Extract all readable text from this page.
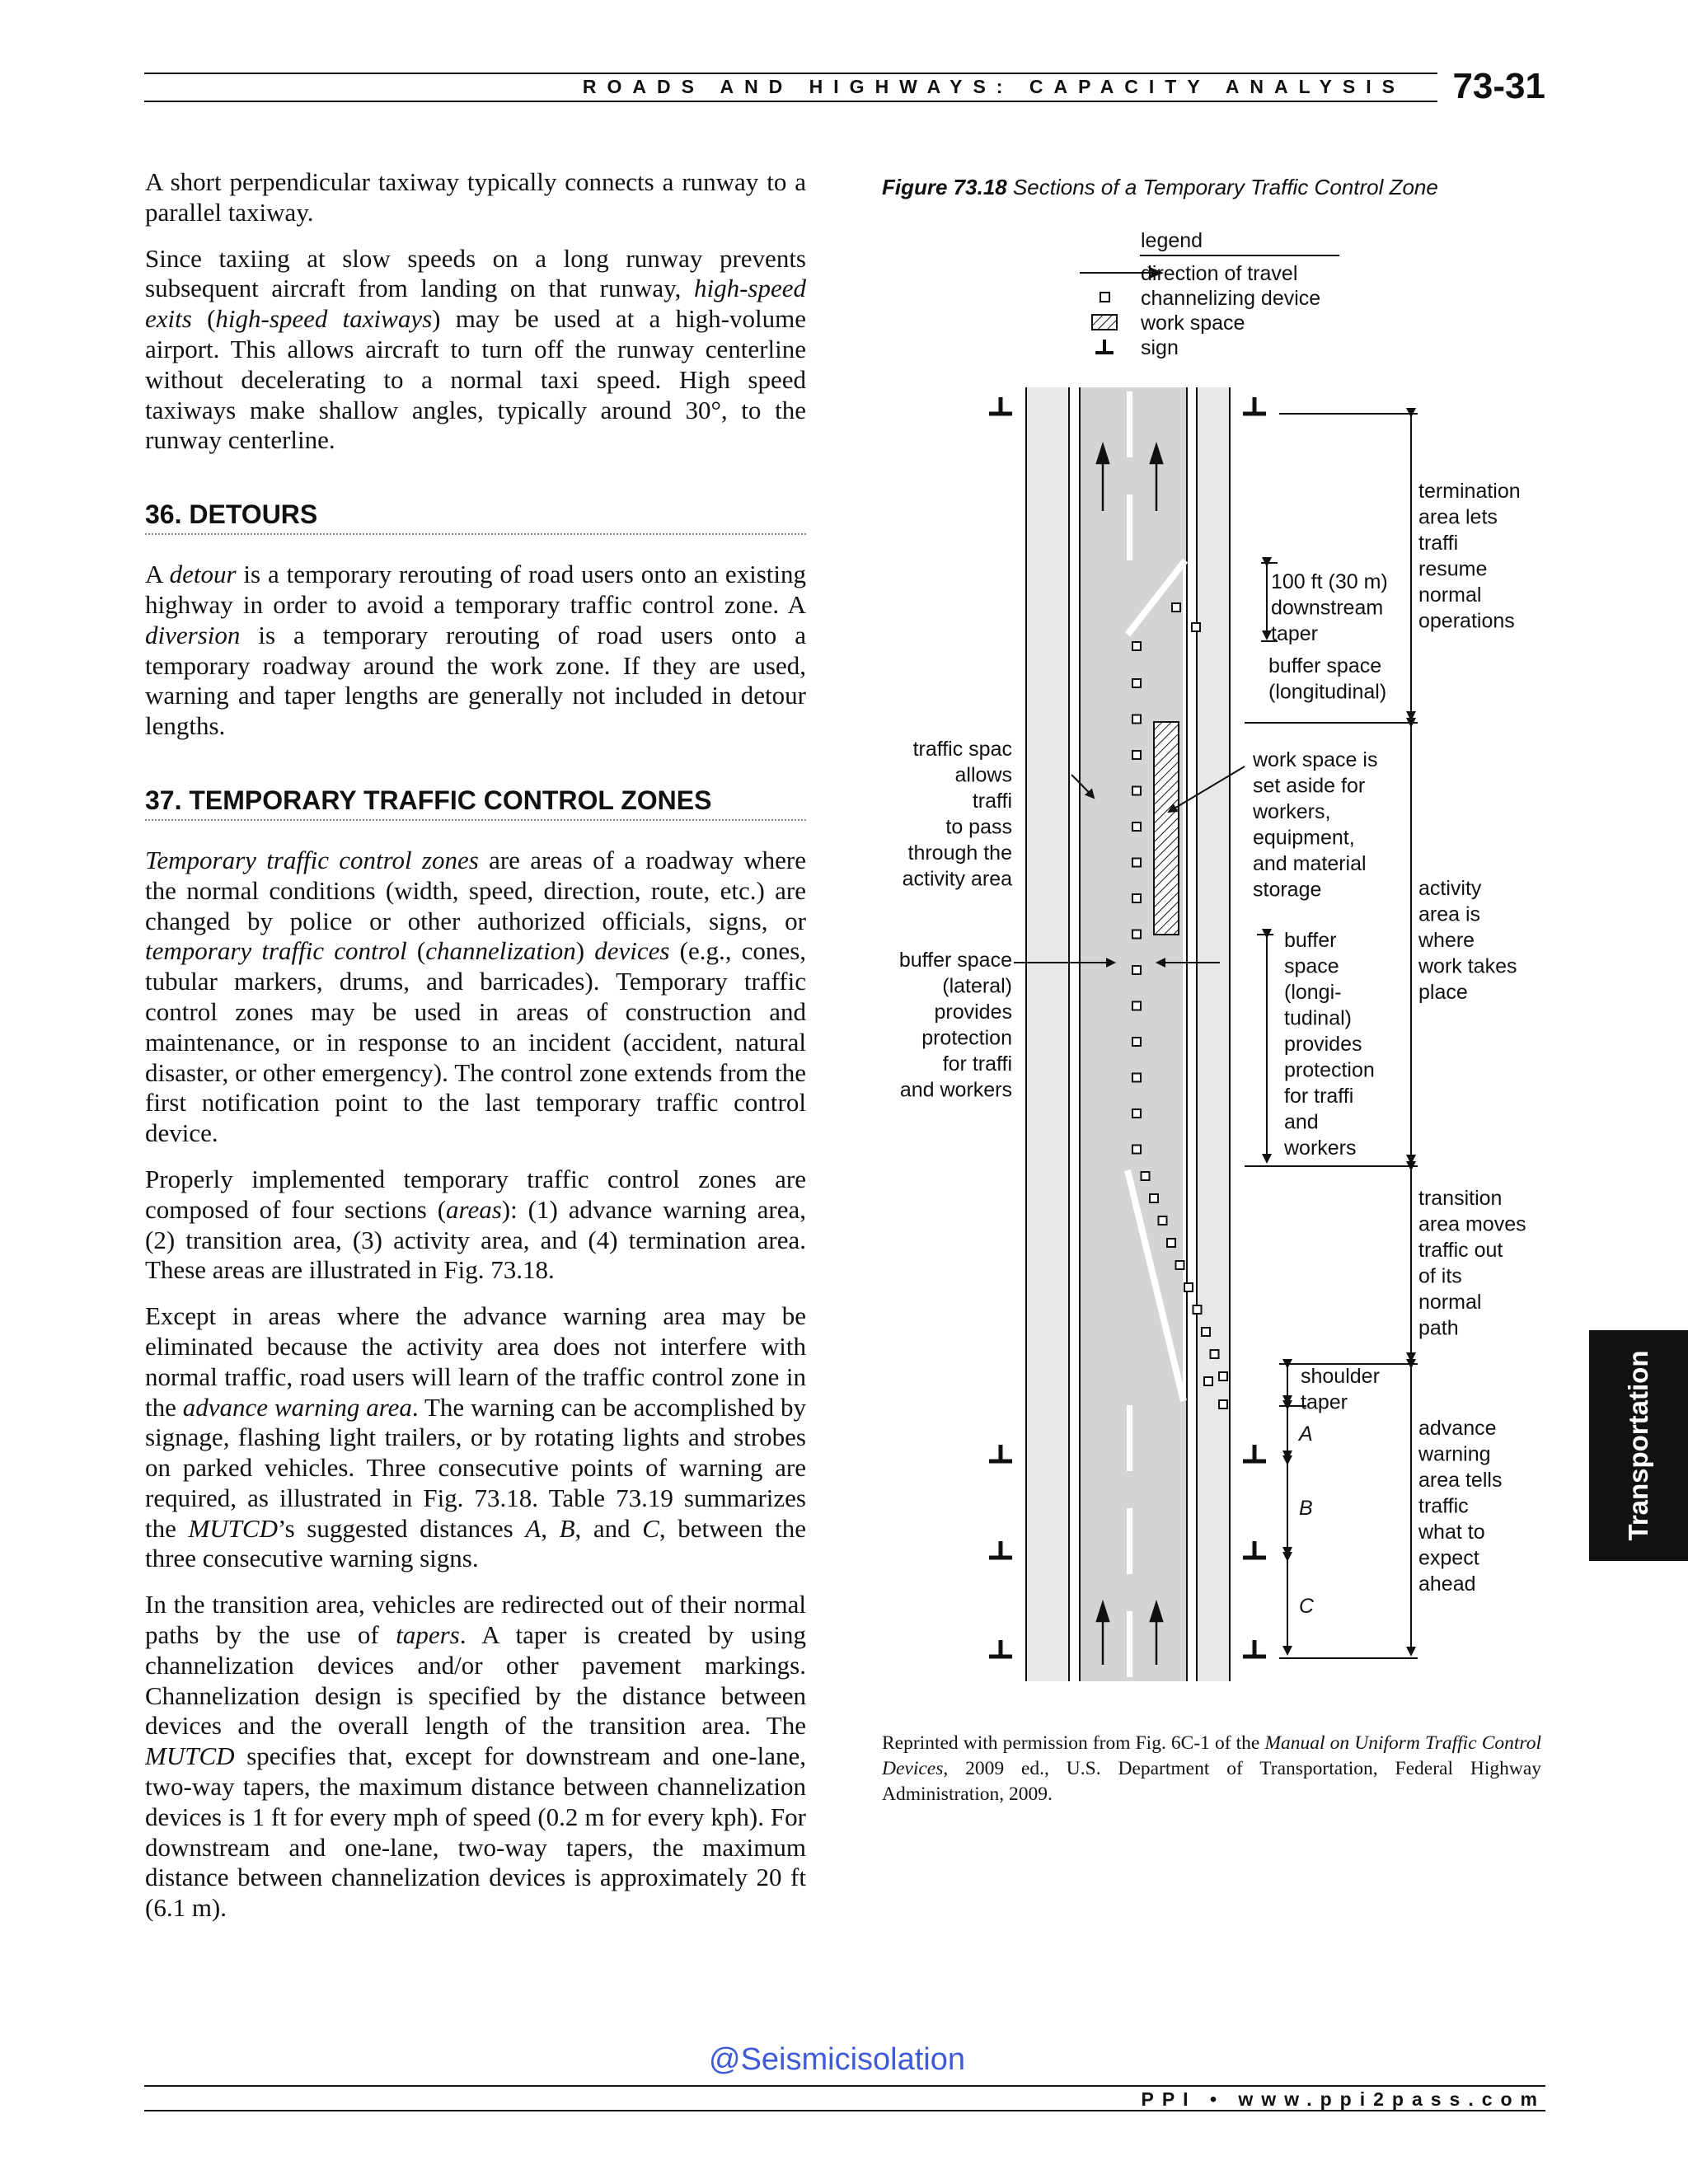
ROADS AND HIGHWAYS: CAPACITY ANALYSIS	73-31

A short perpendicular taxiway typically connects a runway to a parallel taxiway.

Since taxiing at slow speeds on a long runway prevents subsequent aircraft from landing on that runway, high-speed exits (high-speed taxiways) may be used at a high-volume airport. This allows aircraft to turn off the runway centerline without decelerating to a normal taxi speed. High speed taxiways make shallow angles, typically around 30°, to the runway centerline.

36. DETOURS

A detour is a temporary rerouting of road users onto an existing highway in order to avoid a temporary traffic control zone. A diversion is a temporary rerouting of road users onto a temporary roadway around the work zone. If they are used, warning and taper lengths are generally not included in detour lengths.

37. TEMPORARY TRAFFIC CONTROL ZONES

Temporary traffic control zones are areas of a roadway where the normal conditions (width, speed, direction, route, etc.) are changed by police or other authorized officials, signs, or temporary traffic control (channelization) devices (e.g., cones, tubular markers, drums, and barricades). Temporary traffic control zones may be used in areas of construction and maintenance, or in response to an incident (accident, natural disaster, or other emergency). The control zone extends from the first notification point to the last temporary traffic control device.

Properly implemented temporary traffic control zones are composed of four sections (areas): (1) advance warning area, (2) transition area, (3) activity area, and (4) termination area. These areas are illustrated in Fig. 73.18.

Except in areas where the advance warning area may be eliminated because the activity area does not interfere with normal traffic, road users will learn of the traffic control zone in the advance warning area. The warning can be accomplished by signage, flashing light trailers, or by rotating lights and strobes on parked vehicles. Three consecutive points of warning are required, as illustrated in Fig. 73.18. Table 73.19 summarizes the MUTCD’s suggested distances A, B, and C, between the three consecutive warning signs.

In the transition area, vehicles are redirected out of their normal paths by the use of tapers. A taper is created by using channelization devices and/or other pavement markings. Channelization design is specified by the distance between devices and the overall length of the transition area. The MUTCD specifies that, except for downstream and one-lane, two-way tapers, the maximum distance between channelization devices is 1 ft for every mph of speed (0.2 m for every kph). For downstream and one-lane, two-way tapers, the maximum distance between channelization devices is approximately 20 ft (6.1 m).

Figure 73.18 Sections of a Temporary Traffic Control Zone
legend
direction of travel
channelizing device
work space
sign
termination
area lets
traffi
resume
normal
operations
100 ft (30 m)
downstream
taper
buffer space
(longitudinal)
traffic spac
allows
traffi
to pass
through the
activity area
work space is
set aside for
workers,
equipment,
and material
storage	activity
area is
where
work takes
place
buffer space
(lateral)
provides
protection
for traffi
and workers
buffer
space
(longi-
tudinal)
provides
protection
for traffi
and
workers
transition
area moves
traffic out
of its
normal
path
shoulder
taper
advance
warning
area tells
traffic
what to
expect
ahead
A
B
C
Reprinted with permission from Fig. 6C-1 of the Manual on Uniform Traffic Control Devices, 2009 ed., U.S. Department of Transportation, Federal Highway Administration, 2009.
Transportation
@Seismicisolation
PPI • www.ppi2pass.com
